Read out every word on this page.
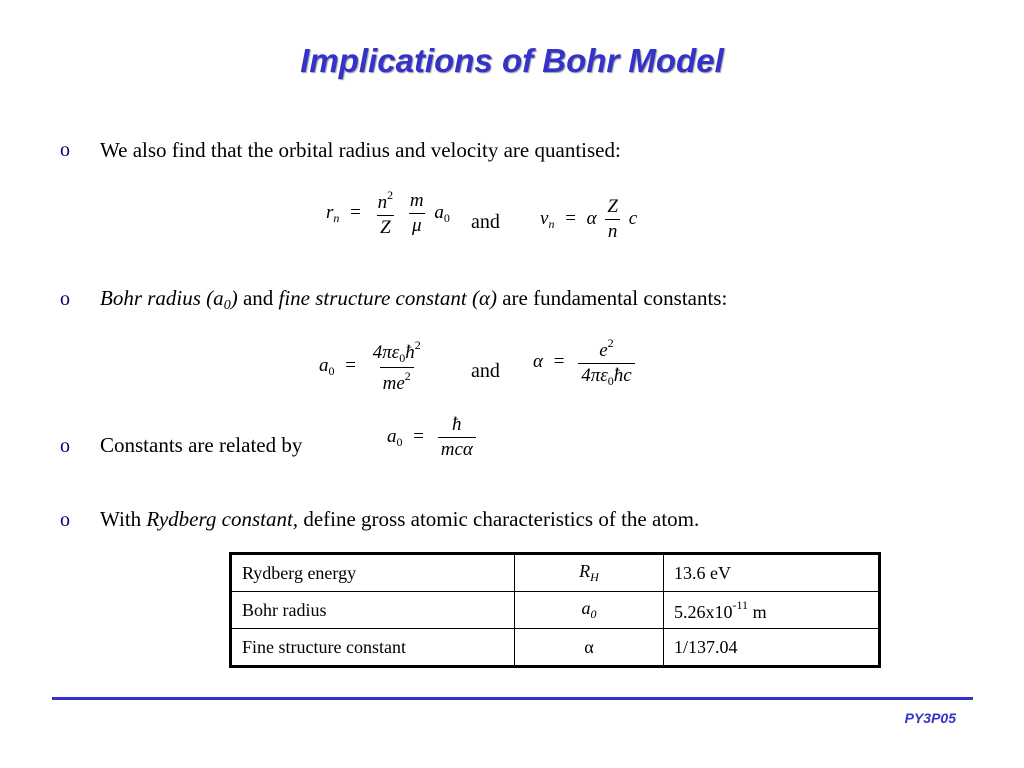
Implications of Bohr Model
o We also find that the orbital radius and velocity are quantised:
$r_n = \frac{n^2}{Z}$
$\frac{m}{\mu} a_0$ and $v_n = \alpha \frac{Z}{n}$ c
o Bohr radius $(a_0)$ and fine structure constant (α) are fundamental constants:
$a_0 = \frac{4\pi\varepsilon_0ħ^2}{me^2}$ and $\alpha = \frac{e^2}{4\pi\varepsilon_0ħc}$
o Constants are related by	$a_0 = \frac{ħ}{\text{mcα}}$
o With Rydberg constant, define gross atomic characteristics of the atom.
Rydberg energy	$R_H$	13.6 eV
Bohr radius	$a_0$	$5.26x10^{-11}$ m
Fine structure constant	α	1/137.04
PY3P05
